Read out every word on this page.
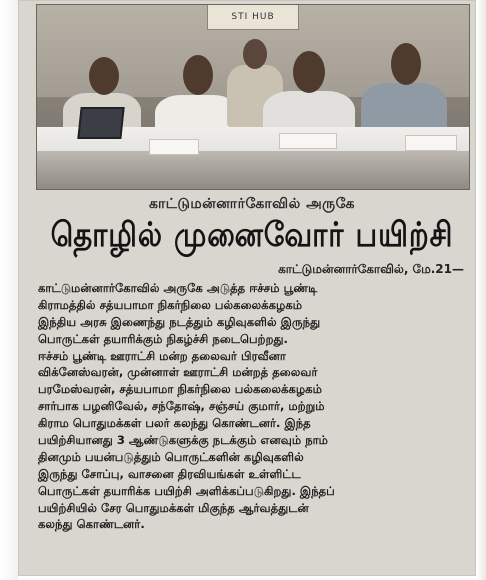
STI HUB
காட்டுமன்னார்கோவில் அருகே
தொழில் முனைவோர் பயிற்சி
காட்டுமன்னார்கோவில், மே.21—
காட்டுமன்னார்கோவில் அருகே அடுத்த ஈச்சம் பூண்டி
கிராமத்தில் சத்யபாமா நிகர்நிலை பல்கலைக்கழகம்
இந்திய அரசு இணைந்து நடத்தும் கழிவுகளில் இருந்து
பொருட்கள் தயாரிக்கும் நிகழ்ச்சி நடைபெற்றது.
ஈச்சம் பூண்டி ஊராட்சி மன்ற தலைவர் பிரவீனா
விக்னேஸ்வரன், முன்னாள் ஊராட்சி மன்றத் தலைவர்
பரமேஸ்வரன், சத்யபாமா நிகர்நிலை பல்கலைக்கழகம்
சார்பாக பழனிவேல், சந்தோஷ், சஞ்சய் குமார், மற்றும்
கிராம பொதுமக்கள் பலர் கலந்து கொண்டனர். இந்த
பயிற்சியானது 3 ஆண்டுகளுக்கு நடக்கும் எனவும் நாம்
தினமும் பயன்படுத்தும் பொருட்களின் கழிவுகளில்
இருந்து சோப்பு, வாசனை திரவியங்கள் உள்ளிட்ட
பொருட்கள் தயாரிக்க பயிற்சி அளிக்கப்படுகிறது. இந்தப்
பயிற்சியில் சேர பொதுமக்கள் மிகுந்த ஆர்வத்துடன்
கலந்து கொண்டனர்.
